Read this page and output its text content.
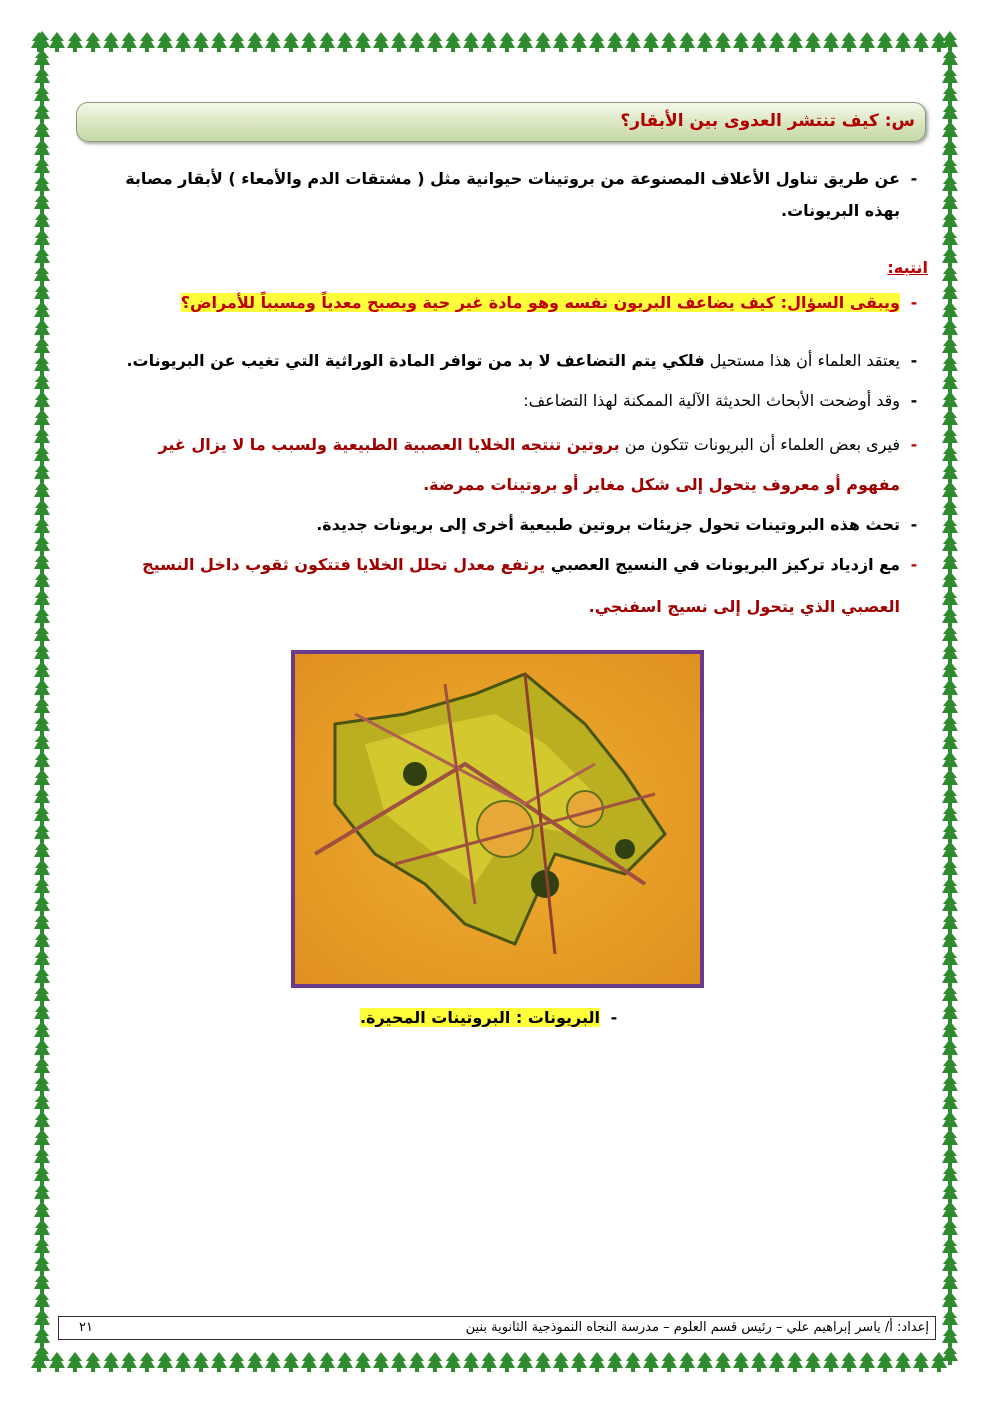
س: كيف تنتشر العدوى بين الأبقار؟
-عن طريق تناول الأعلاف المصنوعة من بروتينات حيوانية مثل ( مشتقات الدم والأمعاء ) لأبقار مصابة
بهذه البريونات.
انتبه:
-ويبقى السؤال: كيف يضاعف البريون نفسه وهو مادة غير حية ويصبح معدياً ومسبباً للأمراض؟
-يعتقد العلماء أن هذا مستحيل فلكي يتم التضاعف لا بد من توافر المادة الوراثية التي تغيب عن البريونات.
-وقد أوضحت الأبحاث الحديثة الآلية الممكنة لهذا التضاعف:
-فيرى بعض العلماء أن البريونات تتكون من بروتين تنتجه الخلايا العصبية الطبيعية ولسبب ما لا يزال غير
مفهوم أو معروف يتحول إلى شكل مغاير أو بروتينات ممرضة.
-تحث هذه البروتينات تحول جزيئات بروتين طبيعية أخرى إلى بريونات جديدة.
-مع ازدياد تركيز البريونات في النسيج العصبي يرتفع معدل تحلل الخلايا فتتكون ثقوب داخل النسيج
العصبي الذي يتحول إلى نسيج اسفنجي.
-البريونات : البروتينات المحيرة.
إعداد: أ/ ياسر إبراهيم علي – رئيس قسم العلوم – مدرسة النجاه النموذجية الثانوية بنين
٢١
